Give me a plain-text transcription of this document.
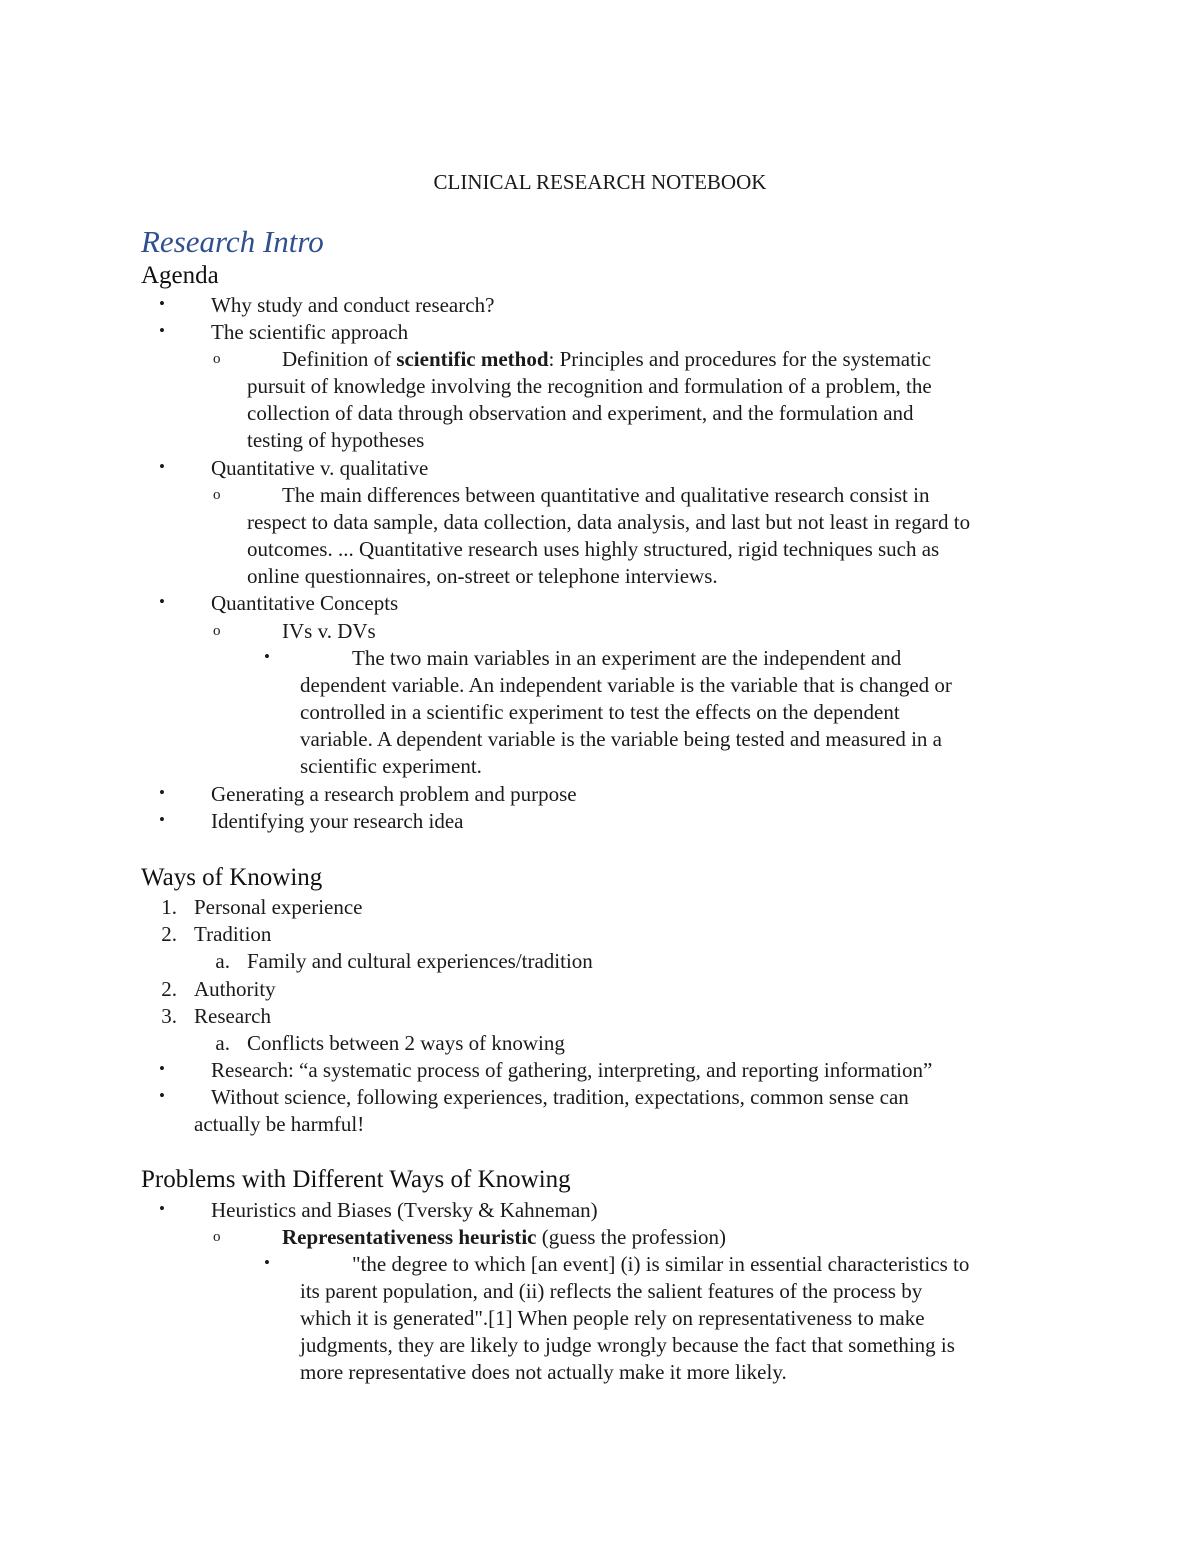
CLINICAL RESEARCH NOTEBOOK
Research Intro
Agenda
• Why study and conduct research?
• The scientific approach
o	Definition of scientific method: Principles and procedures for the systematic
pursuit of knowledge involving the recognition and formulation of a problem, the
collection of data through observation and experiment, and the formulation and
testing of hypotheses
• Quantitative v. qualitative
o	The main differences between quantitative and qualitative research consist in
respect to data sample, data collection, data analysis, and last but not least in regard to
outcomes. ... Quantitative research uses highly structured, rigid techniques such as
online questionnaires, on-street or telephone interviews.
• Quantitative Concepts
o	IVs v. DVs
•	The two main variables in an experiment are the independent and
dependent variable. An independent variable is the variable that is changed or
controlled in a scientific experiment to test the effects on the dependent
variable. A dependent variable is the variable being tested and measured in a
scientific experiment.
• Generating a research problem and purpose
• Identifying your research idea
Ways of Knowing
1. Personal experience
2. Tradition
a. Family and cultural experiences/tradition
2. Authority
3. Research
a. Conflicts between 2 ways of knowing
• Research: “a systematic process of gathering, interpreting, and reporting information”
• Without science, following experiences, tradition, expectations, common sense can
actually be harmful!
Problems with Different Ways of Knowing
• Heuristics and Biases (Tversky & Kahneman)
o	Representativeness heuristic (guess the profession)
•	"the degree to which [an event] (i) is similar in essential characteristics to
its parent population, and (ii) reflects the salient features of the process by
which it is generated".[1] When people rely on representativeness to make
judgments, they are likely to judge wrongly because the fact that something is
more representative does not actually make it more likely.
